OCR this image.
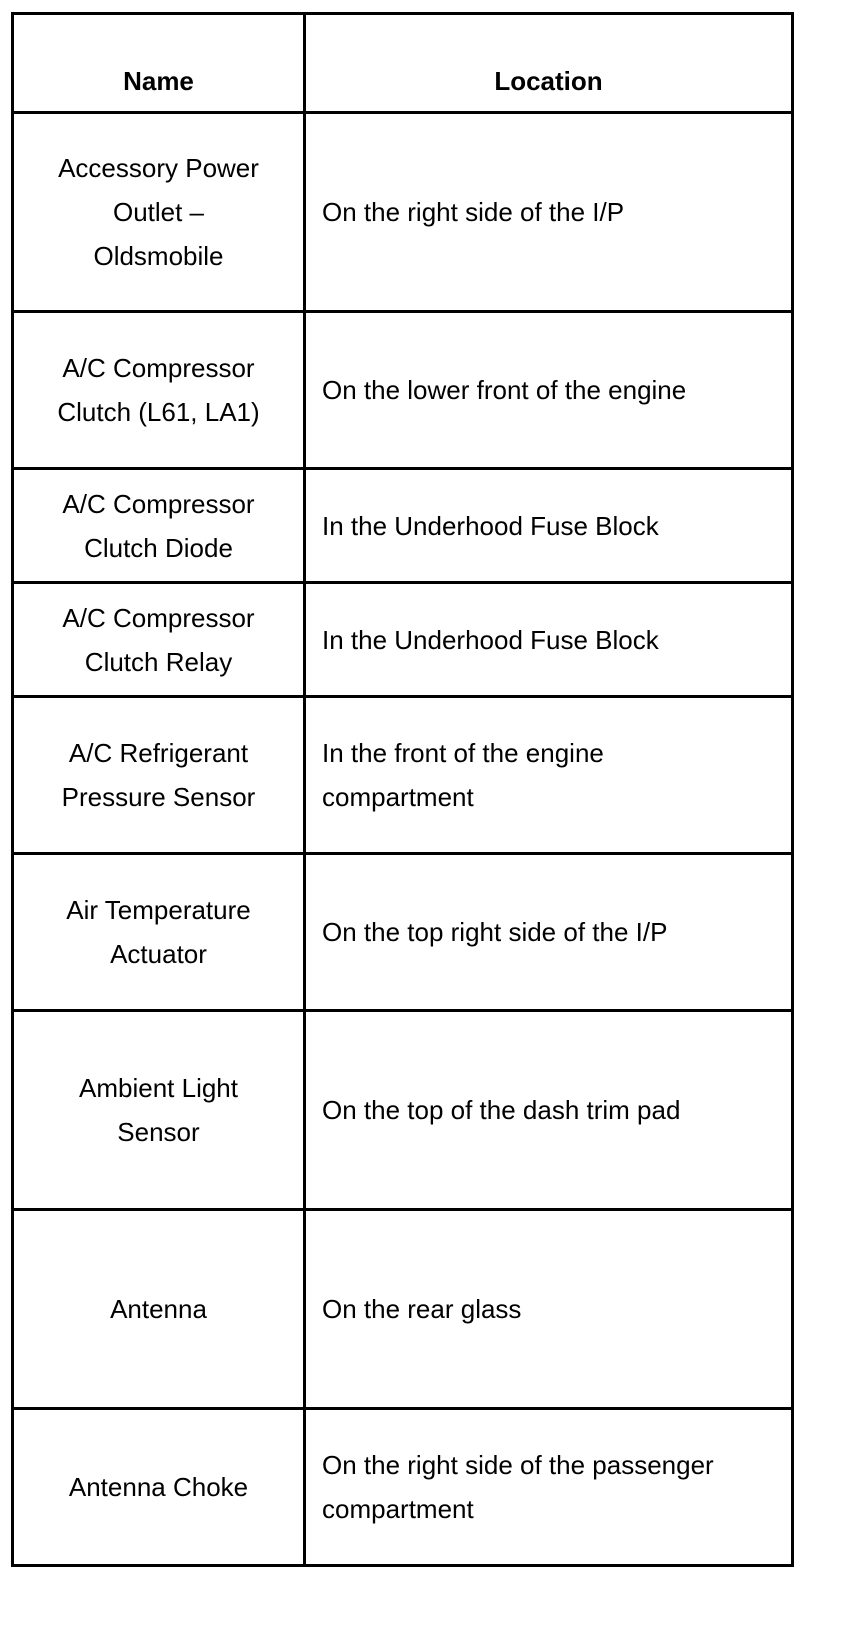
Name	Location

Accessory Power
Outlet –
Oldsmobile	On the right side of the I/P

A/C Compressor
Clutch (L61, LA1)	On the lower front of the engine

A/C Compressor
Clutch Diode	In the Underhood Fuse Block

A/C Compressor
Clutch Relay	In the Underhood Fuse Block

A/C Refrigerant
Pressure Sensor	In the front of the engine
compartment

Air Temperature
Actuator	On the top right side of the I/P

Ambient Light
Sensor	On the top of the dash trim pad

Antenna	On the rear glass

Antenna Choke	On the right side of the passenger
compartment
